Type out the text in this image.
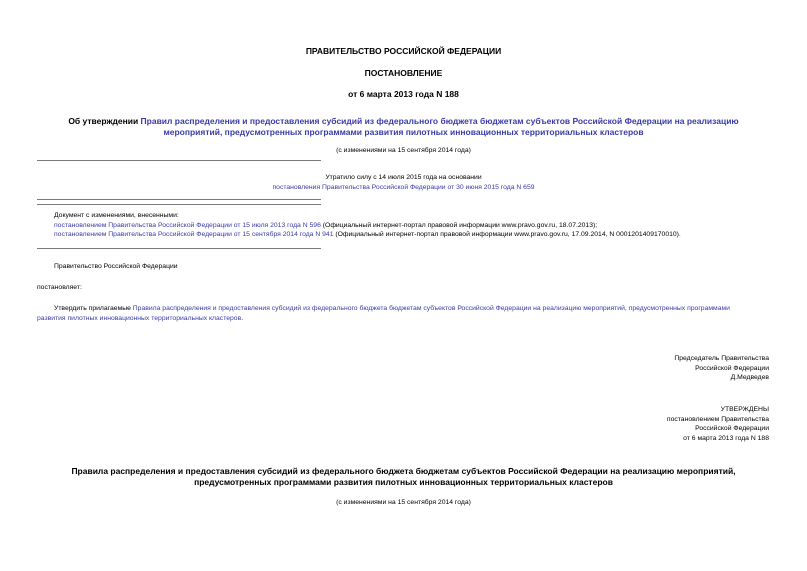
ПРАВИТЕЛЬСТВО РОССИЙСКОЙ ФЕДЕРАЦИИ
ПОСТАНОВЛЕНИЕ
от 6 марта 2013 года N 188
Об утверждении Правил распределения и предоставления субсидий из федерального бюджета бюджетам субъектов Российской Федерации на реализацию
мероприятий, предусмотренных программами развития пилотных инновационных территориальных кластеров
(с изменениями на 15 сентября 2014 года)
Утратило силу с 14 июля 2015 года на основании
постановления Правительства Российской Федерации от 30 июня 2015 года N 659
Документ с изменениями, внесенными:
постановлением Правительства Российской Федерации от 15 июля 2013 года N 596 (Официальный интернет-портал правовой информации www.pravo.gov.ru, 18.07.2013);
постановлением Правительства Российской Федерации от 15 сентября 2014 года N 941 (Официальный интернет-портал правовой информации www.pravo.gov.ru, 17.09.2014, N 0001201409170010).
Правительство Российской Федерации
постановляет:
Утвердить прилагаемые Правила распределения и предоставления субсидий из федерального бюджета бюджетам субъектов Российской Федерации на реализацию мероприятий, предусмотренных программами
развития пилотных инновационных территориальных кластеров.
Председатель Правительства
Российской Федерации
Д.Медведев
УТВЕРЖДЕНЫ
постановлением Правительства
Российской Федерации
от 6 марта 2013 года N 188
Правила распределения и предоставления субсидий из федерального бюджета бюджетам субъектов Российской Федерации на реализацию мероприятий,
предусмотренных программами развития пилотных инновационных территориальных кластеров
(с изменениями на 15 сентября 2014 года)
